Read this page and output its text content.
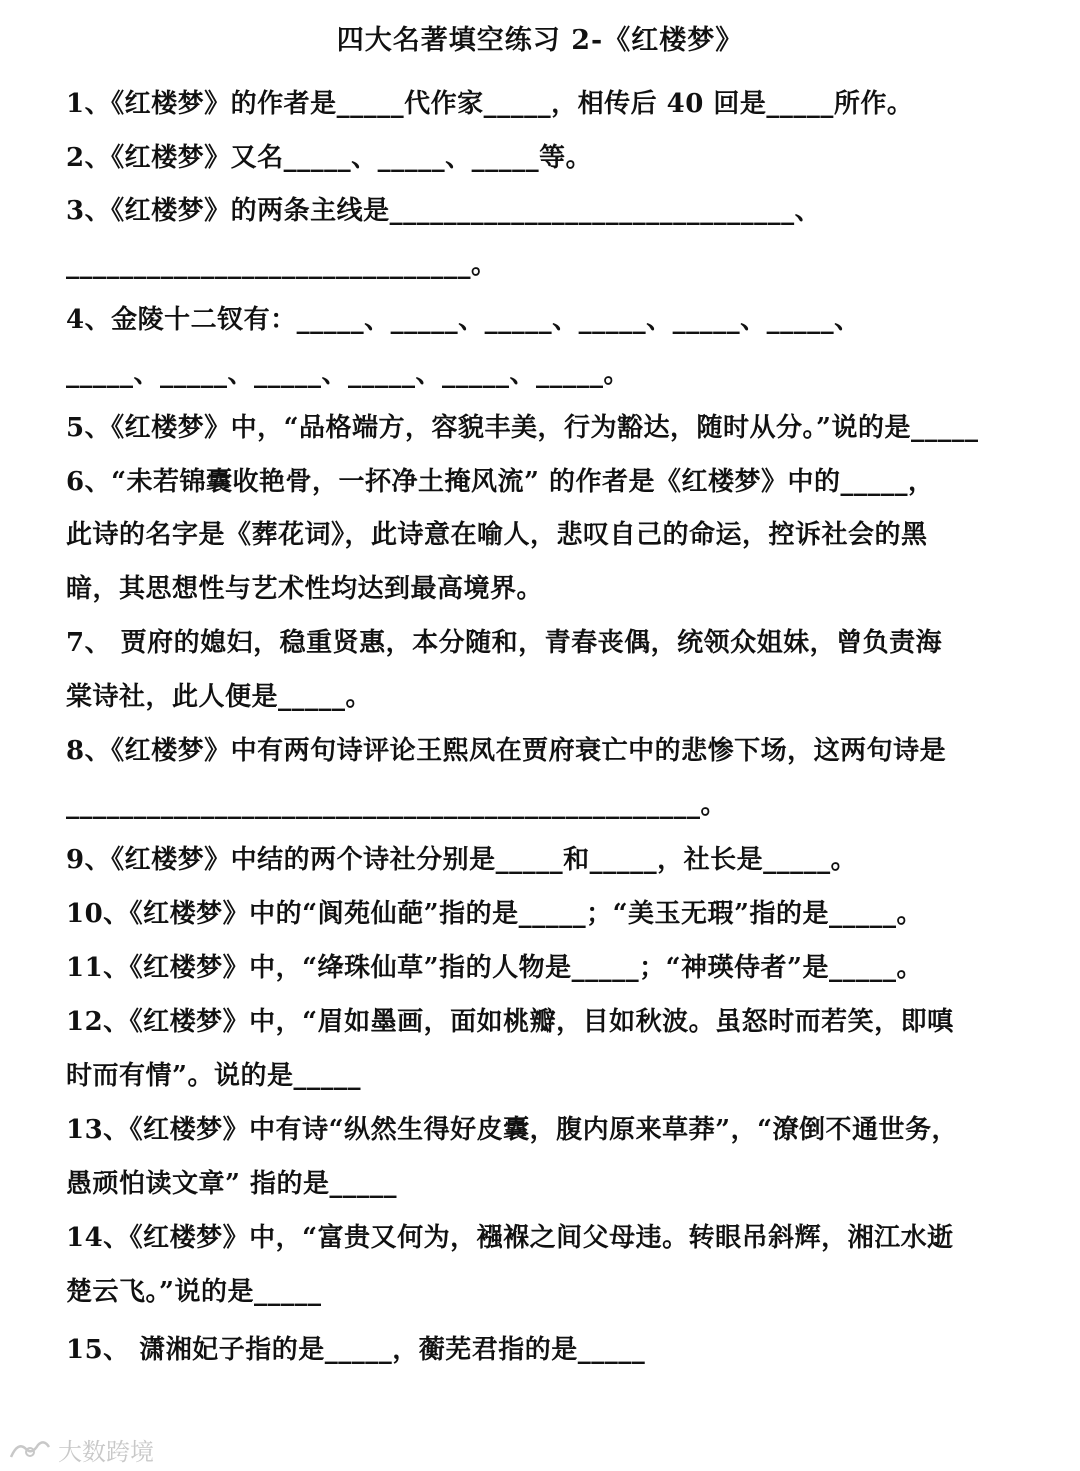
四大名著填空练习 2-《红楼梦》
1、《红楼梦》的作者是_____代作家_____，相传后 40 回是_____所作。
2、《红楼梦》又名_____、_____、_____等。
3、《红楼梦》的两条主线是______________________________、
______________________________。
4、金陵十二钗有：_____、_____、_____、_____、_____、_____、
_____、_____、_____、_____、_____、_____。
5、《红楼梦》中，“品格端方，容貌丰美，行为豁达，随时从分。”说的是_____
6、“未若锦囊收艳骨，一抔净土掩风流” 的作者是《红楼梦》中的_____，
此诗的名字是《葬花词》，此诗意在喻人，悲叹自己的命运，控诉社会的黑
暗，其思想性与艺术性均达到最高境界。
7、 贾府的媳妇，稳重贤惠，本分随和，青春丧偶，统领众姐妹，曾负责海
棠诗社，此人便是_____。
8、《红楼梦》中有两句诗评论王熙凤在贾府衰亡中的悲惨下场，这两句诗是
_______________________________________________。
9、《红楼梦》中结的两个诗社分别是_____和_____，社长是_____。
10、《红楼梦》中的“阆苑仙葩”指的是_____；“美玉无瑕”指的是_____。
11、《红楼梦》中，“绛珠仙草”指的人物是_____；“神瑛侍者”是_____。
12、《红楼梦》中，“眉如墨画，面如桃瓣，目如秋波。虽怒时而若笑，即嗔
时而有情”。说的是_____
13、《红楼梦》中有诗“纵然生得好皮囊，腹内原来草莽”，“潦倒不通世务，
愚顽怕读文章” 指的是_____
14、《红楼梦》中，“富贵又何为，襁褓之间父母违。转眼吊斜辉，湘江水逝
楚云飞。”说的是_____
15、 潇湘妃子指的是_____，蘅芜君指的是_____
大数跨境
